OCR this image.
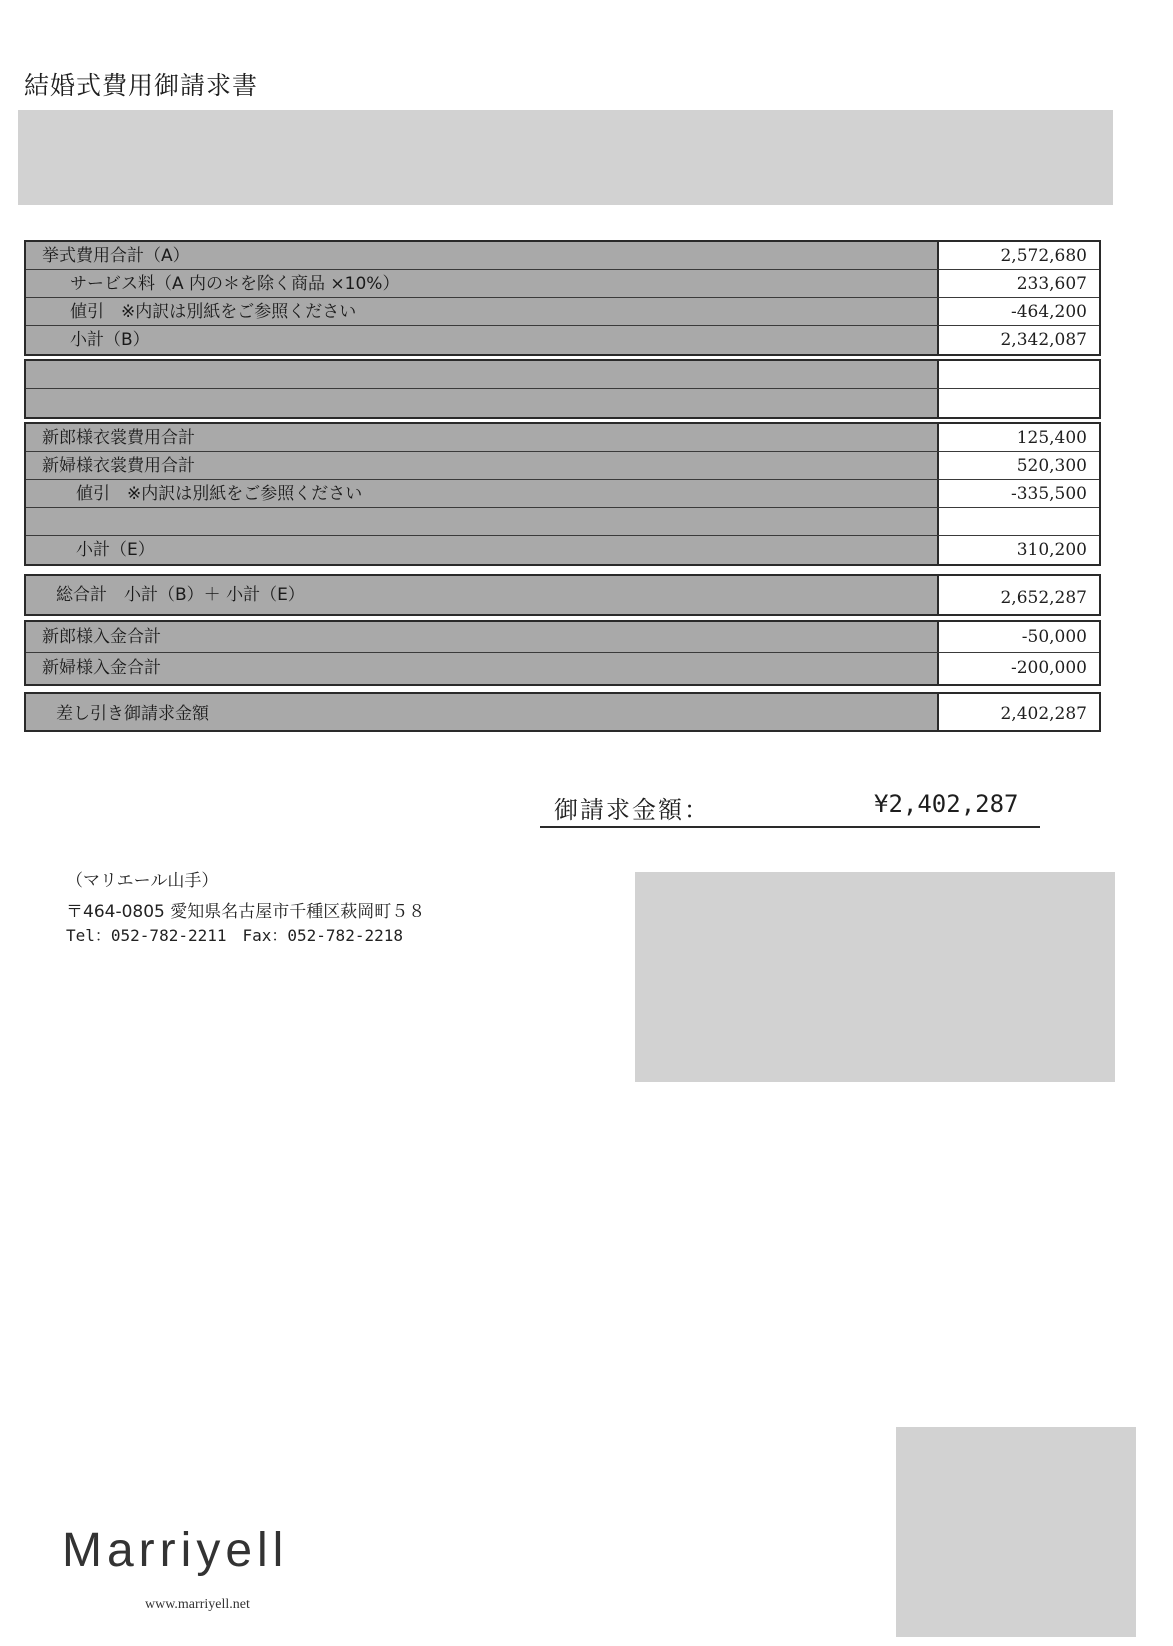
結婚式費用御請求書
挙式費用合計（A）	2,572,680
サービス料（A 内の＊を除く商品 ×10%）	233,607
値引　※内訳は別紙をご参照ください	-464,200
小計（B）	2,342,087
新郎様衣裳費用合計	125,400
新婦様衣裳費用合計	520,300
値引　※内訳は別紙をご参照ください	-335,500
小計（E）	310,200
総合計　小計（B）＋ 小計（E）	2,652,287
新郎様入金合計	-50,000
新婦様入金合計	-200,000
差し引き御請求金額	2,402,287
御請求金額：	¥2,402,287
（マリエール山手）
〒464-0805 愛知県名古屋市千種区萩岡町５８
Tel：052-782-2211　Fax：052-782-2218
Marriyell
www.marriyell.net
